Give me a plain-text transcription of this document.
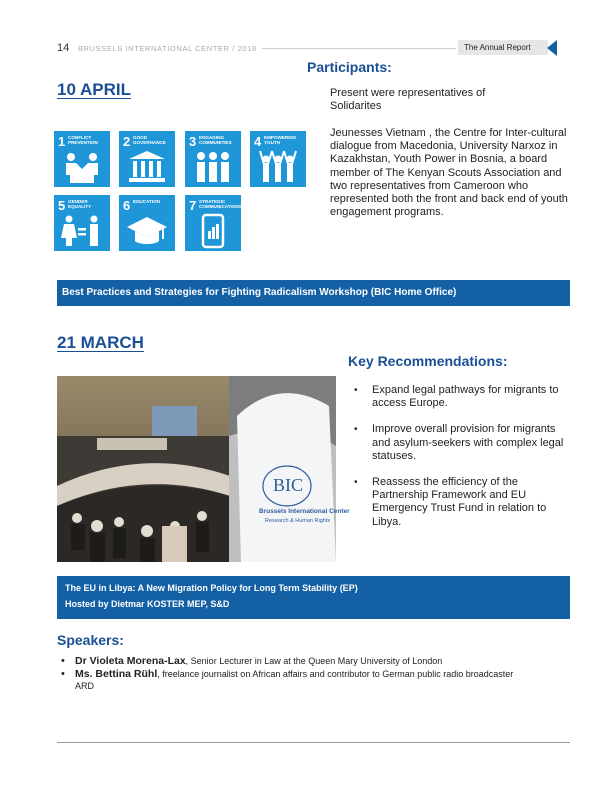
14 BRUSSELS INTERNATIONAL CENTER / 2018	The Annual Report
10 APRIL
Participants:
Present were representatives of Solidarites
Jeunesses Vietnam , the Centre for Inter-cultural dialogue from Macedonia, University Narxoz in Kazakhstan, Youth Power in Bosnia, a board member of The Kenyan Scouts Association and two representatives from Cameroon who represented both the front and back end of youth engagement programs.
1 CONFLICT PREVENTION	2 GOOD GOVERNANCE	3 ENGAGING COMMUNITIES	4 EMPOWERING YOUTH
5 GENDER EQUALITY	6 EDUCATION	7 STRATEGIC COMMUNICATIONS
Best Practices and Strategies for Fighting Radicalism Workshop (BIC Home Office)
21 MARCH
Key Recommendations:
• Expand legal pathways for migrants to access Europe.
• Improve overall provision for migrants and asylum-seekers with complex legal statuses.
• Reassess the efficiency of the Partnership Framework and EU Emergency Trust Fund in relation to Libya.
BIC
Brussels International Center
Research & Human Rights
The EU in Libya: A New Migration Policy for Long Term Stability (EP)
Hosted by Dietmar KOSTER MEP, S&D
Speakers:
• Dr Violeta Morena-Lax, Senior Lecturer in Law at the Queen Mary University of London
• Ms. Bettina Rühl, freelance journalist on African affairs and contributor to German public radio broadcaster ARD
